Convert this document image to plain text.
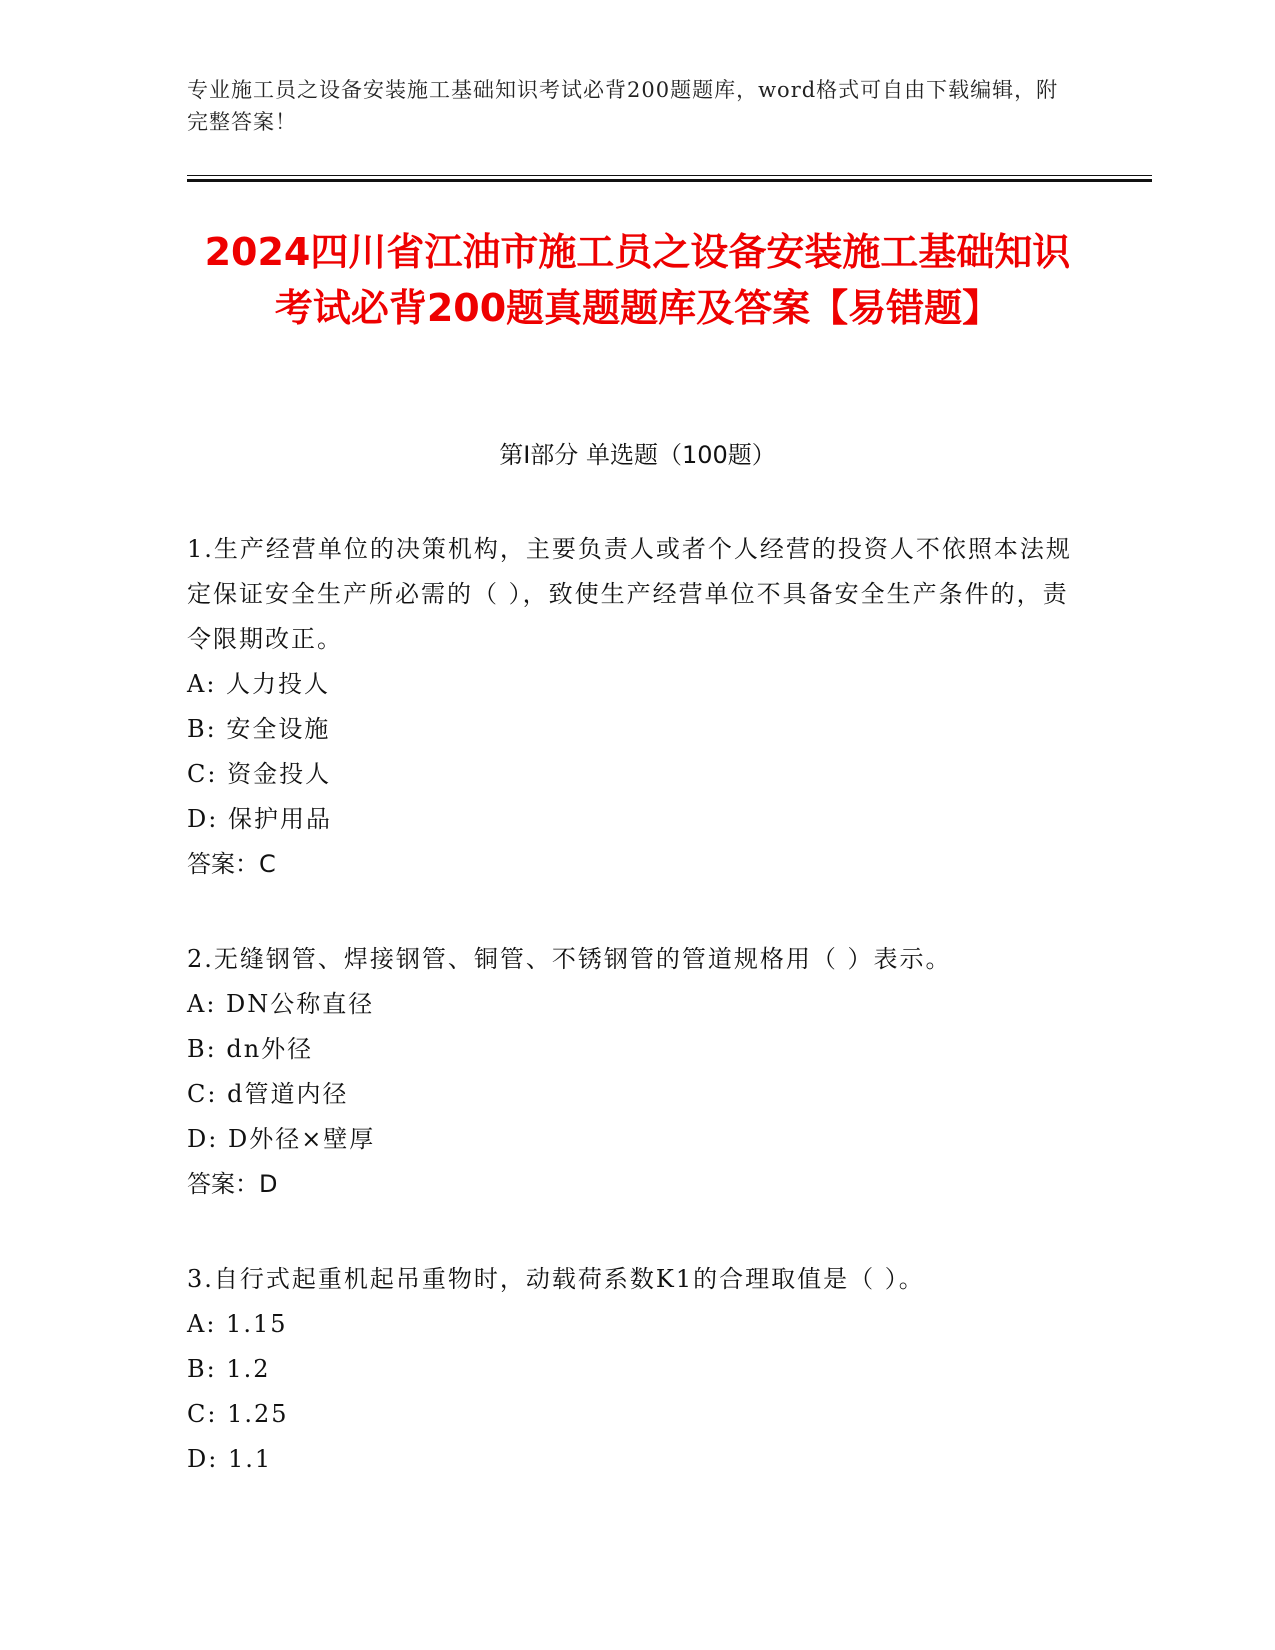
专业施工员之设备安装施工基础知识考试必背200题题库，word格式可自由下载编辑，附完整答案！
2024四川省江油市施工员之设备安装施工基础知识考试必背200题真题题库及答案【易错题】
第I部分 单选题（100题）
1.生产经营单位的决策机构，主要负责人或者个人经营的投资人不依照本法规定保证安全生产所必需的（ ），致使生产经营单位不具备安全生产条件的，责令限期改正。
A: 人力投人
B: 安全设施
C: 资金投人
D: 保护用品
答案：C
2.无缝钢管、焊接钢管、铜管、不锈钢管的管道规格用（ ）表示。
A: DN公称直径
B: dn外径
C: d管道内径
D: D外径×壁厚
答案：D
3.自行式起重机起吊重物时，动载荷系数K1的合理取值是（ ）。
A: 1.15
B: 1.2
C: 1.25
D: 1.1
